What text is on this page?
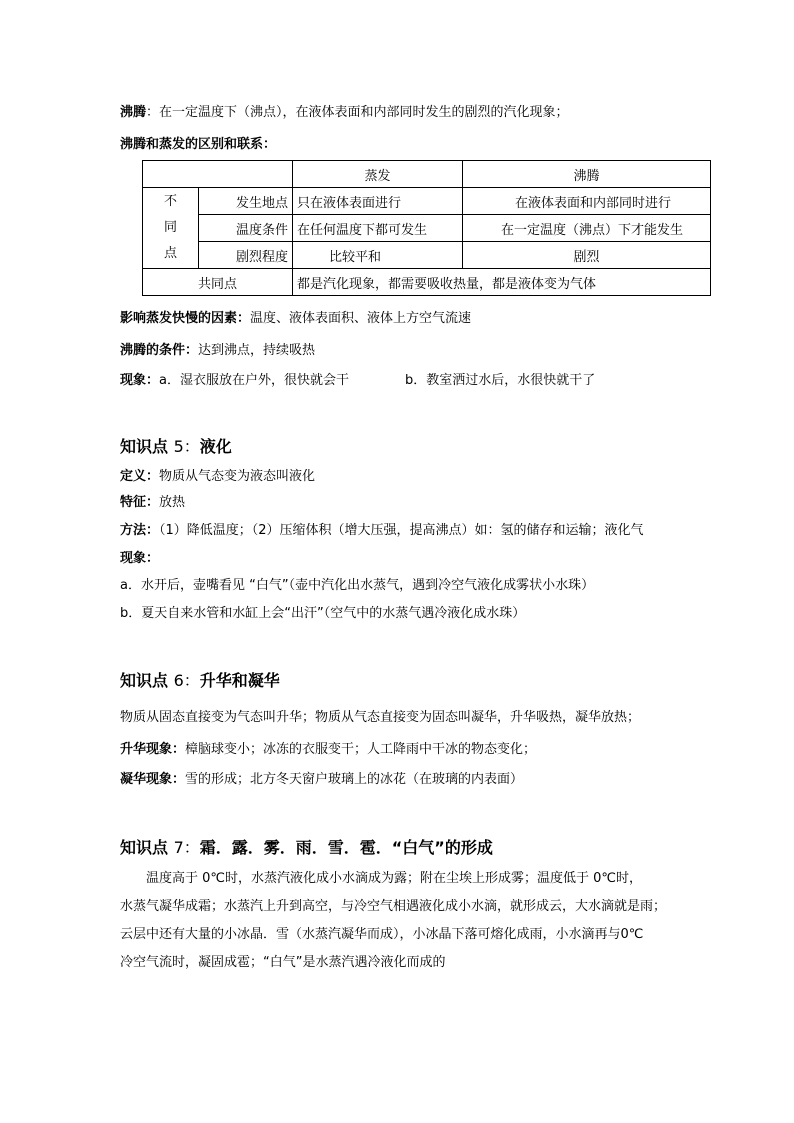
沸腾：在一定温度下（沸点），在液体表面和内部同时发生的剧烈的汽化现象；
沸腾和蒸发的区别和联系：
		蒸发	沸腾

不
同
点	发生地点	只在液体表面进行	在液体表面和内部同时进行
	温度条件	在任何温度下都可发生	在一定温度（沸点）下才能发生
	剧烈程度	比较平和	剧烈
共同点		都是汽化现象，都需要吸收热量，都是液体变为气体	
影响蒸发快慢的因素：温度、液体表面积、液体上方空气流速
沸腾的条件：达到沸点，持续吸热
现象：a．湿衣服放在户外，很快就会干	b．教室洒过水后，水很快就干了
知识点 5：液化
定义：物质从气态变为液态叫液化
特征：放热
方法：（1）降低温度；（2）压缩体积（增大压强，提高沸点）如：氢的储存和运输；液化气
现象：
a．水开后，壶嘴看见 “白气”（壶中汽化出水蒸气，遇到冷空气液化成雾状小水珠）
b．夏天自来水管和水缸上会“出汗”（空气中的水蒸气遇冷液化成水珠）
知识点 6：升华和凝华
物质从固态直接变为气态叫升华；物质从气态直接变为固态叫凝华，升华吸热，凝华放热；
升华现象：樟脑球变小；冰冻的衣服变干；人工降雨中干冰的物态变化；
凝华现象：雪的形成；北方冬天窗户玻璃上的冰花（在玻璃的内表面）
知识点 7：霜．露．雾．雨．雪．雹．“白气”的形成
温度高于 0℃时，水蒸汽液化成小水滴成为露；附在尘埃上形成雾；温度低于 0℃时，
水蒸气凝华成霜；水蒸汽上升到高空，与冷空气相遇液化成小水滴，就形成云，大水滴就是雨；
云层中还有大量的小冰晶．雪（水蒸汽凝华而成），小冰晶下落可熔化成雨，小水滴再与0℃
冷空气流时，凝固成雹；“白气”是水蒸汽遇冷液化而成的
